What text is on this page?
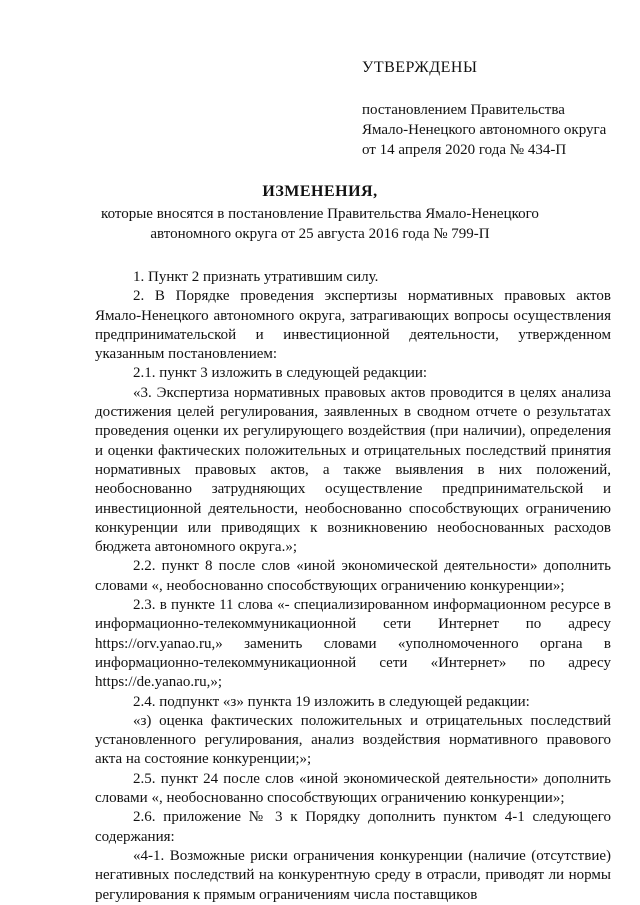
УТВЕРЖДЕНЫ
постановлением Правительства
Ямало-Ненецкого автономного округа
от 14 апреля 2020 года № 434-П
ИЗМЕНЕНИЯ,
которые вносятся в постановление Правительства Ямало-Ненецкого
автономного округа от 25 августа 2016 года № 799-П

1. Пункт 2 признать утратившим силу.

2. В Порядке проведения экспертизы нормативных правовых актов Ямало-Ненецкого автономного округа, затрагивающих вопросы осуществления предпринимательской и инвестиционной деятельности, утвержденном указанным постановлением:

2.1. пункт 3 изложить в следующей редакции:

«3. Экспертиза нормативных правовых актов проводится в целях анализа достижения целей регулирования, заявленных в сводном отчете о результатах проведения оценки их регулирующего воздействия (при наличии), определения и оценки фактических положительных и отрицательных последствий принятия нормативных правовых актов, а также выявления в них положений, необоснованно затрудняющих осуществление предпринимательской и инвестиционной деятельности, необоснованно способствующих ограничению конкуренции или приводящих к возникновению необоснованных расходов бюджета автономного округа.»;

2.2. пункт 8 после слов «иной экономической деятельности» дополнить словами «, необоснованно способствующих ограничению конкуренции»;

2.3. в пункте 11 слова «- специализированном информационном ресурсе в информационно-телекоммуникационной сети Интернет по адресу https://orv.yanao.ru,» заменить словами «уполномоченного органа в информационно-телекоммуникационной сети «Интернет» по адресу https://de.yanao.ru,»;

2.4. подпункт «з» пункта 19 изложить в следующей редакции:

«з) оценка фактических положительных и отрицательных последствий установленного регулирования, анализ воздействия нормативного правового акта на состояние конкуренции;»;

2.5. пункт 24 после слов «иной экономической деятельности» дополнить словами «, необоснованно способствующих ограничению конкуренции»;

2.6. приложение № 3 к Порядку дополнить пунктом 4-1 следующего содержания:

«4-1. Возможные риски ограничения конкуренции (наличие (отсутствие) негативных последствий на конкурентную среду в отрасли, приводят ли нормы регулирования к прямым ограничениям числа поставщиков
